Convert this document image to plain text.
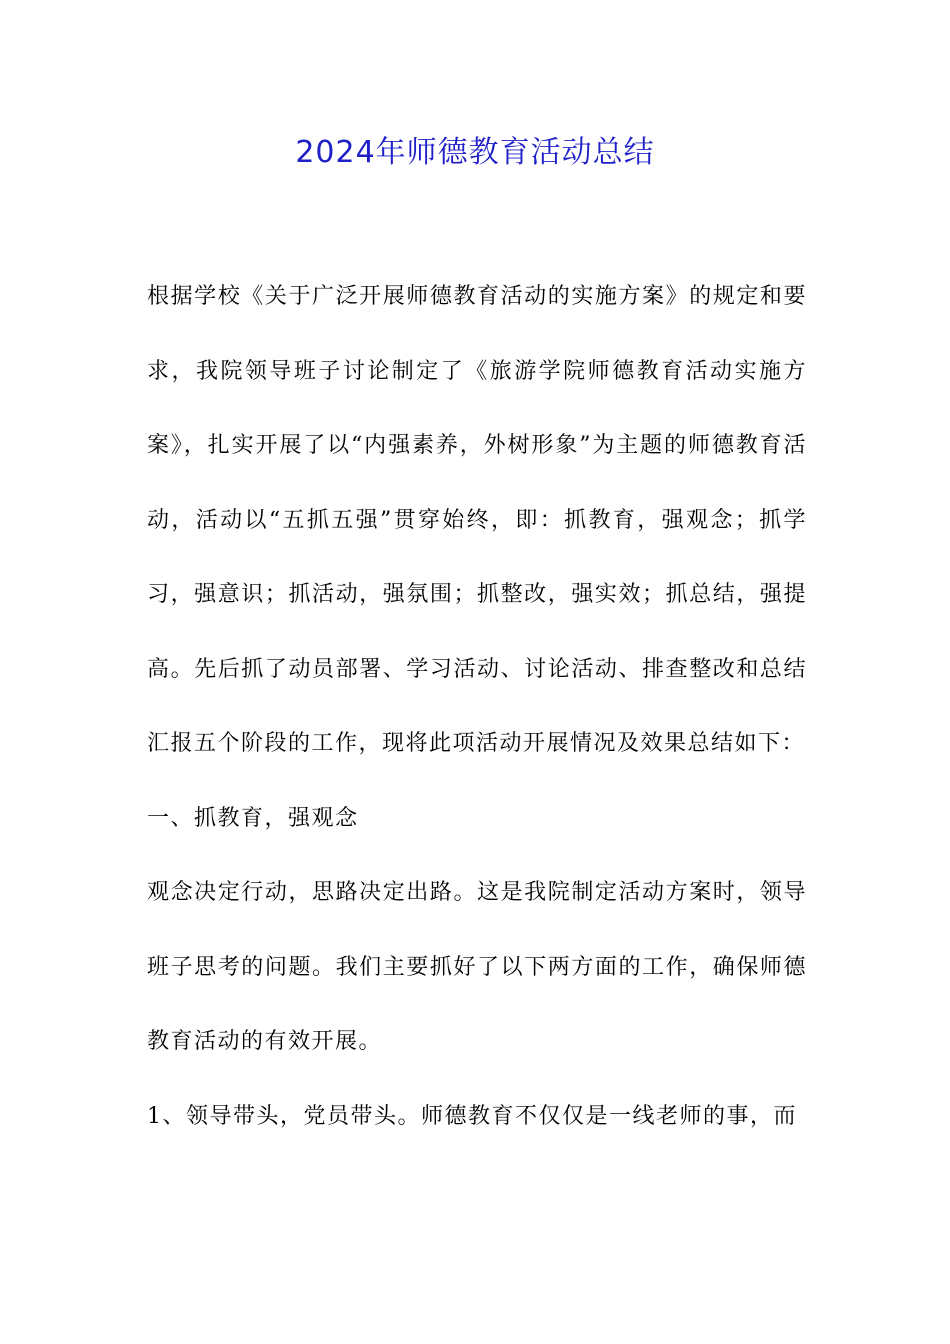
2024年师德教育活动总结

根据学校《关于广泛开展师德教育活动的实施方案》的规定和要求，我院领导班子讨论制定了《旅游学院师德教育活动实施方案》，扎实开展了以“内强素养，外树形象”为主题的师德教育活动，活动以“五抓五强”贯穿始终，即：抓教育，强观念；抓学习，强意识；抓活动，强氛围；抓整改，强实效；抓总结，强提高。先后抓了动员部署、学习活动、讨论活动、排查整改和总结汇报五个阶段的工作，现将此项活动开展情况及效果总结如下：

一、抓教育，强观念

观念决定行动，思路决定出路。这是我院制定活动方案时，领导班子思考的问题。我们主要抓好了以下两方面的工作，确保师德教育活动的有效开展。

1、领导带头，党员带头。师德教育不仅仅是一线老师的事，而
